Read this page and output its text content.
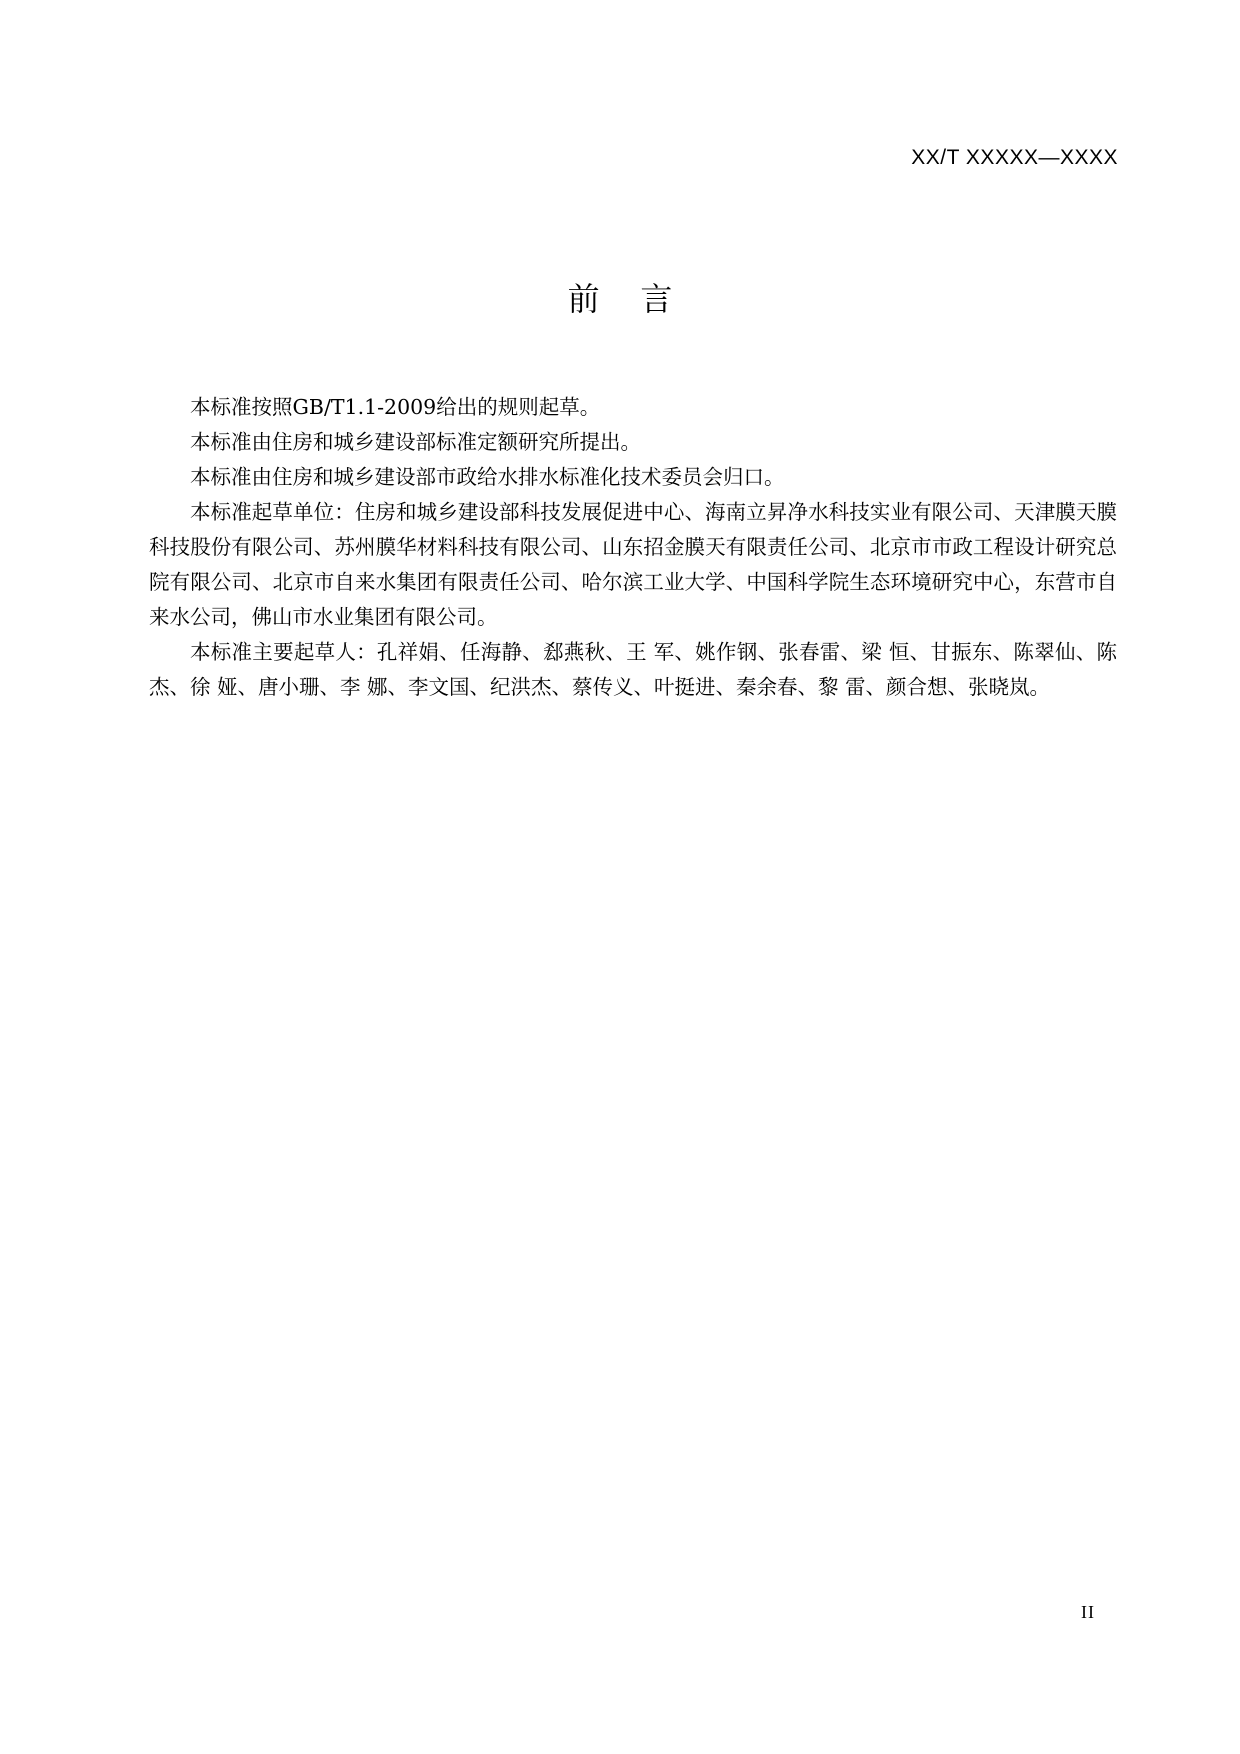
XX/T XXXXX—XXXX
前    言

本标准按照GB/T1.1-2009给出的规则起草。

本标准由住房和城乡建设部标准定额研究所提出。

本标准由住房和城乡建设部市政给水排水标准化技术委员会归口。

本标准起草单位：住房和城乡建设部科技发展促进中心、海南立昇净水科技实业有限公司、天津膜天膜科技股份有限公司、苏州膜华材料科技有限公司、山东招金膜天有限责任公司、北京市市政工程设计研究总院有限公司、北京市自来水集团有限责任公司、哈尔滨工业大学、中国科学院生态环境研究中心，东营市自来水公司，佛山市水业集团有限公司。

本标准主要起草人：孔祥娟、任海静、郄燕秋、王 军、姚作钢、张春雷、梁 恒、甘振东、陈翠仙、陈杰、徐 娅、唐小珊、李 娜、李文国、纪洪杰、蔡传义、叶挺进、秦余春、黎 雷、颜合想、张晓岚。

II
